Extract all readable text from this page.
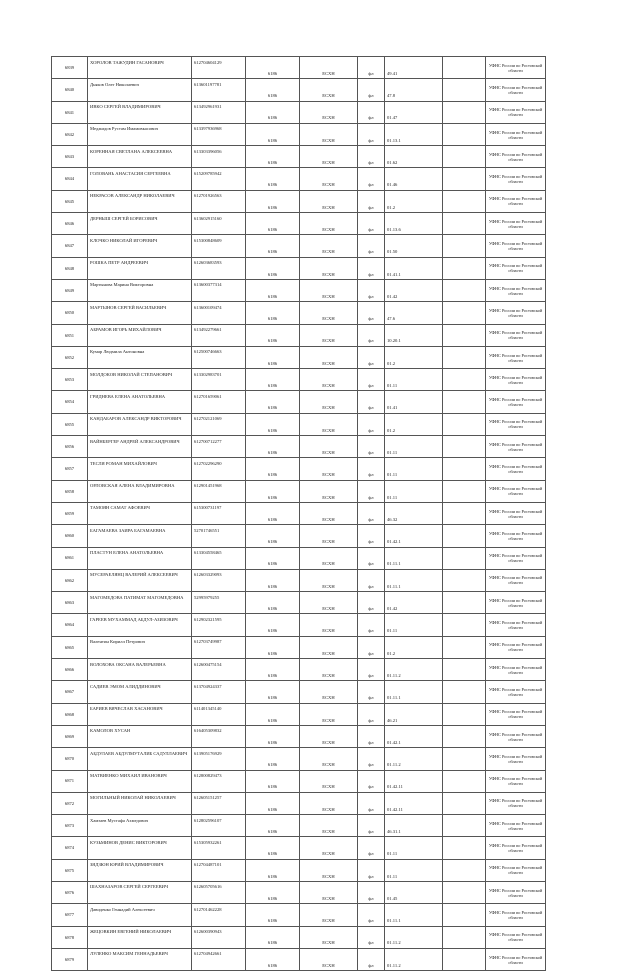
6839	ХОРОЛОВ ТАЖУДИН ГАСАНОВИЧ	612704604129	6186	ЕСХН	фл	49.41		УФНС России по Ростовской области
6840	Дьяков Олег Николаевич	613601197781	6186	ЕСХН	фл	47.8		УФНС России по Ростовской области
6841	ИВКО СЕРГЕЙ ВЛАДИМИРОВИЧ	613492961931	6186	ЕСХН	фл	01.47		УФНС России по Ростовской области
6842	Меджидов Рустам Имамовкасович	613397936968	6186	ЕСХН	фл	01.13.1		УФНС России по Ростовской области
6843	КОРЕННАЯ СВЕТЛАНА АЛЕКСЕЕВНА	613303396056	6186	ЕСХН	фл	01.62		УФНС России по Ростовской области
6844	ГОЛОВАНЬ АНАСТАСИЯ СЕРГЕЕВНА	615209785942	6186	ЕСХН	фл	01.46		УФНС России по Ростовской области
6845	НЕКРАСОВ АЛЕКСАНДР НИКОЛАЕВИЧ	612701926563	6186	ЕСХН	фл	01.2		УФНС России по Ростовской области
6846	ДЕРНЫШ СЕРГЕЙ БОРИСОВИЧ	613602915160	6186	ЕСХН	фл	01.13.6		УФНС России по Ростовской области
6847	КЛОЧКО НИКОЛАЙ ИГОРЕВИЧ	615300848609	6186	ЕСХН	фл	01.50		УФНС России по Ростовской области
6848	РОШКА ПЕТР АНДРЕЕВИЧ	612603683593	6186	ЕСХН	фл	01.41.1		УФНС России по Ростовской области
6849	Мартынова Марина Викторовна	613600377314	6186	ЕСХН	фл	01.42		УФНС России по Ростовской области
6850	МАРТЫНОВ СЕРГЕЙ ВАСИЛЬЕВИЧ	613600109474	6186	ЕСХН	фл	47.6		УФНС России по Ростовской области
6851	АБРАМОВ ИГОРЬ МИХАЙЛОВИЧ	613492279661	6186	ЕСХН	фл	10.20.1		УФНС России по Ростовской области
6852	Кумар Людмила Антоновна	612500746663	6186	ЕСХН	фл	01.2		УФНС России по Ростовской области
6853	МОЛДОКОВ НИКОЛАЙ СТЕПАНОВИЧ	613302983701	6186	ЕСХН	фл	01.11		УФНС России по Ростовской области
6854	ГРИДНЕВА ЕЛЕНА АНАТОЛЬЕВНА	612701659061	6186	ЕСХН	фл	01.41		УФНС России по Ростовской области
6855	КАНДАБАРОВ АЛЕКСАНДР ВИКТОРОВИЧ	612702121069	6186	ЕСХН	фл	01.2		УФНС России по Ростовской области
6856	ВАЙНБЕРГЕР АНДРЕЙ АЛЕКСАНДРОВИЧ	612700712277	6186	ЕСХН	фл	01.11		УФНС России по Ростовской области
6857	ТЕСЛЯ РОМАН МИХАЙЛОВИЧ	612702296290	6186	ЕСХН	фл	01.11		УФНС России по Ростовской области
6858	ОРЛОВСКАЯ АЛЕНА ВЛАДИМИРОВНА	612901451968	6186	ЕСХН	фл	01.11		УФНС России по Ростовской области
6859	ТАМОЯН САМАТ АФОЕВИЧ	615300731197	6186	ЕСХН	фл	46.32		УФНС России по Ростовской области
6860	БАГАМАЕВА ЗАИРА БАГАМАЕВНА	52701746551	6186	ЕСХН	фл	01.42.1		УФНС России по Ростовской области
6861	ПЛАСТУН ЕЛЕНА АНАТОЛЬЕВНА	613304558465	6186	ЕСХН	фл	01.11.1		УФНС России по Ростовской области
6862	МУСЕРАЕЛЯНЦ ВАЛЕРИЙ АЛЕКСЕЕВИЧ	612603329093	6186	ЕСХН	фл	01.11.1		УФНС России по Ростовской области
6863	МАГОМЕДОВА ПАТИМАТ МАГОМЕДОВНА	52995979255	6186	ЕСХН	фл	01.42		УФНС России по Ростовской области
6864	ГАРЕЕВ МУХАММАД АБДУЛ-АЗИЗОВИЧ	612902321595	6186	ЕСХН	фл	01.11		УФНС России по Ростовской области
6865	Валентин Кирилл Петрович	612703749987	6186	ЕСХН	фл	01.2		УФНС России по Ростовской области
6866	ВОЛОХОВА ОКСАНА ВАЛЕРЬЕВНА	612600475154	6186	ЕСХН	фл	01.11.2		УФНС России по Ростовской области
6867	САДИЕВ ЭМОМ АЛИДДИНОВИЧ	613704924337	6186	ЕСХН	фл	01.11.1		УФНС России по Ростовской области
6868	БАРИЕВ ВЯЧЕСЛАВ ХАСАНОВИЧ	611401345140	6186	ЕСХН	фл	46.21		УФНС России по Ростовской области
6869	КАМОЛОВ ХУСАН	616405309832	6186	ЕСХН	фл	01.42.1		УФНС России по Ростовской области
6870	АБДУЛАЕВ АБДУЛМУТАЛИБ САДУЛЛАЕВИЧ	613905176929	6186	ЕСХН	фл	01.11.2		УФНС России по Ростовской области
6871	МАТВИЕНКО МИХАИЛ ИВАНОВИЧ	612800829473	6186	ЕСХН	фл	01.42.11		УФНС России по Ростовской области
6872	МОГИЛЬНЫЙ НИКОЛАЙ НИКОЛАЕВИЧ	612605151257	6186	ЕСХН	фл	01.42.11		УФНС России по Ростовской области
6873	Хамзаев Мустафа Ахмедович	612802596107	6186	ЕСХН	фл	46.31.1		УФНС России по Ростовской области
6874	КУЗЬМИНОВ ДЕНИС ВИКТОРОВИЧ	615305932261	6186	ЕСХН	фл	01.11		УФНС России по Ростовской области
6875	ЗЯДЗЮН ЮРИЙ ВЛАДИМИРОВИЧ	612704487101	6186	ЕСХН	фл	01.11		УФНС России по Ростовской области
6876	ШАХНАЗАРОВ СЕРГЕЙ СЕРГЕЕВИЧ	612605705616	6186	ЕСХН	фл	01.45		УФНС России по Ростовской области
6877	Давиденко Геннадий Алексеевич	612701462228	6186	ЕСХН	фл	01.11.1		УФНС России по Ростовской области
6878	ЖЕЦОВКИН ЕВГЕНИЙ НИКОЛАЕВИЧ	612600390943	6186	ЕСХН	фл	01.11.2		УФНС России по Ростовской области
6879	ЛУЛЕНКО МАКСИМ ГЕННАДЬЕВИЧ	612704942661	6186	ЕСХН	фл	01.11.2		УФНС России по Ростовской области
